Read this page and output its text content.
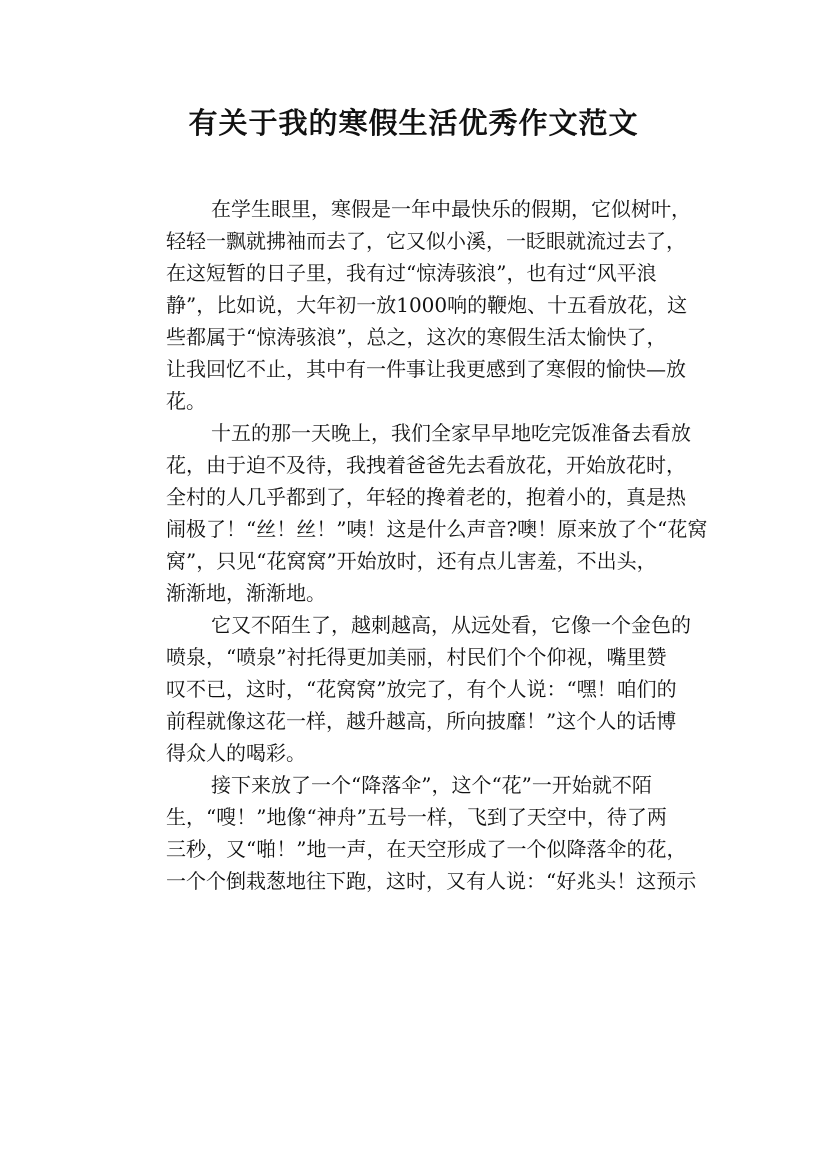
有关于我的寒假生活优秀作文范文
在学生眼里，寒假是一年中最快乐的假期，它似树叶，
轻轻一飘就拂袖而去了，它又似小溪，一眨眼就流过去了，
在这短暂的日子里，我有过“惊涛骇浪”，也有过“风平浪
静”，比如说，大年初一放1000响的鞭炮、十五看放花，这
些都属于“惊涛骇浪”，总之，这次的寒假生活太愉快了，
让我回忆不止，其中有一件事让我更感到了寒假的愉快—放
花。
十五的那一天晚上，我们全家早早地吃完饭准备去看放
花，由于迫不及待，我拽着爸爸先去看放花，开始放花时，
全村的人几乎都到了，年轻的搀着老的，抱着小的，真是热
闹极了！“丝！丝！”咦！这是什么声音?噢！原来放了个“花窝
窝”，只见“花窝窝”开始放时，还有点儿害羞，不出头，
渐渐地，渐渐地。
它又不陌生了，越刺越高，从远处看，它像一个金色的
喷泉，“喷泉”衬托得更加美丽，村民们个个仰视，嘴里赞
叹不已，这时，“花窝窝”放完了，有个人说：“嘿！咱们的
前程就像这花一样，越升越高，所向披靡！”这个人的话博
得众人的喝彩。
接下来放了一个“降落伞”，这个“花”一开始就不陌
生，“嗖！”地像“神舟”五号一样，飞到了天空中，待了两
三秒，又“啪！”地一声，在天空形成了一个似降落伞的花，
一个个倒栽葱地往下跑，这时，又有人说：“好兆头！这预示
